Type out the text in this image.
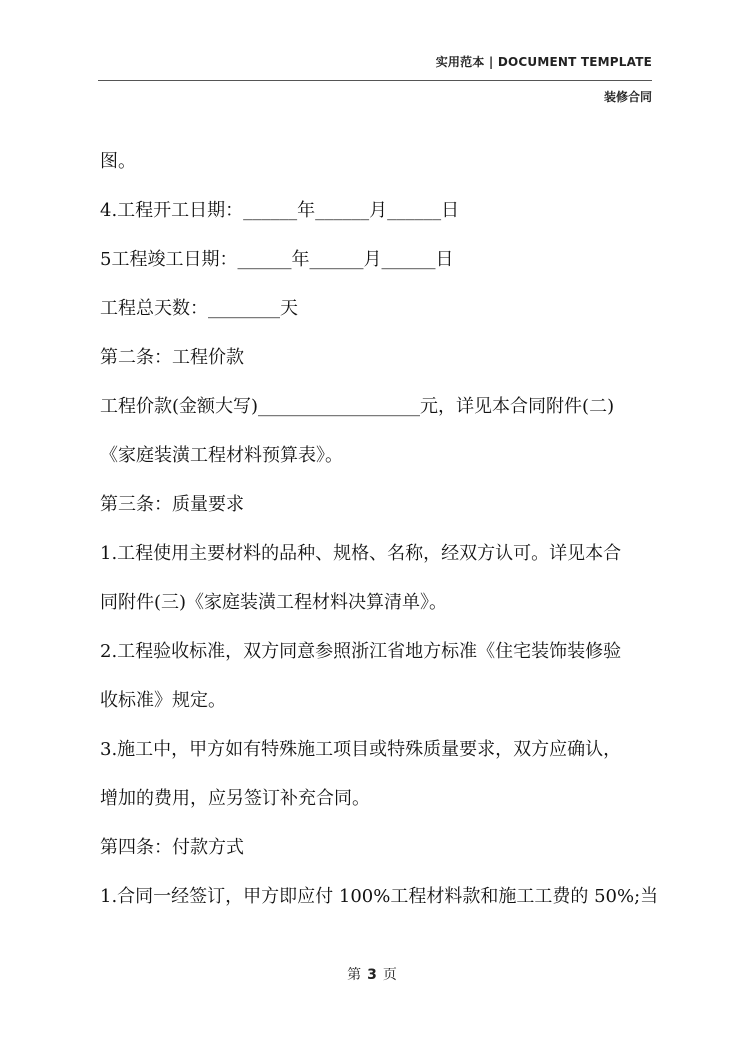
实用范本 | DOCUMENT TEMPLATE
装修合同
图。
4.工程开工日期：______年______月______日
5工程竣工日期：______年______月______日
工程总天数：________天
第二条：工程价款
工程价款(金额大写)__________________元，详见本合同附件(二)
《家庭装潢工程材料预算表》。
第三条：质量要求
1.工程使用主要材料的品种、规格、名称，经双方认可。详见本合
同附件(三)《家庭装潢工程材料决算清单》。
2.工程验收标准，双方同意参照浙江省地方标准《住宅装饰装修验
收标准》规定。
3.施工中，甲方如有特殊施工项目或特殊质量要求，双方应确认，
增加的费用，应另签订补充合同。
第四条：付款方式
1.合同一经签订，甲方即应付 100%工程材料款和施工工费的 50%;当
第 3 页
